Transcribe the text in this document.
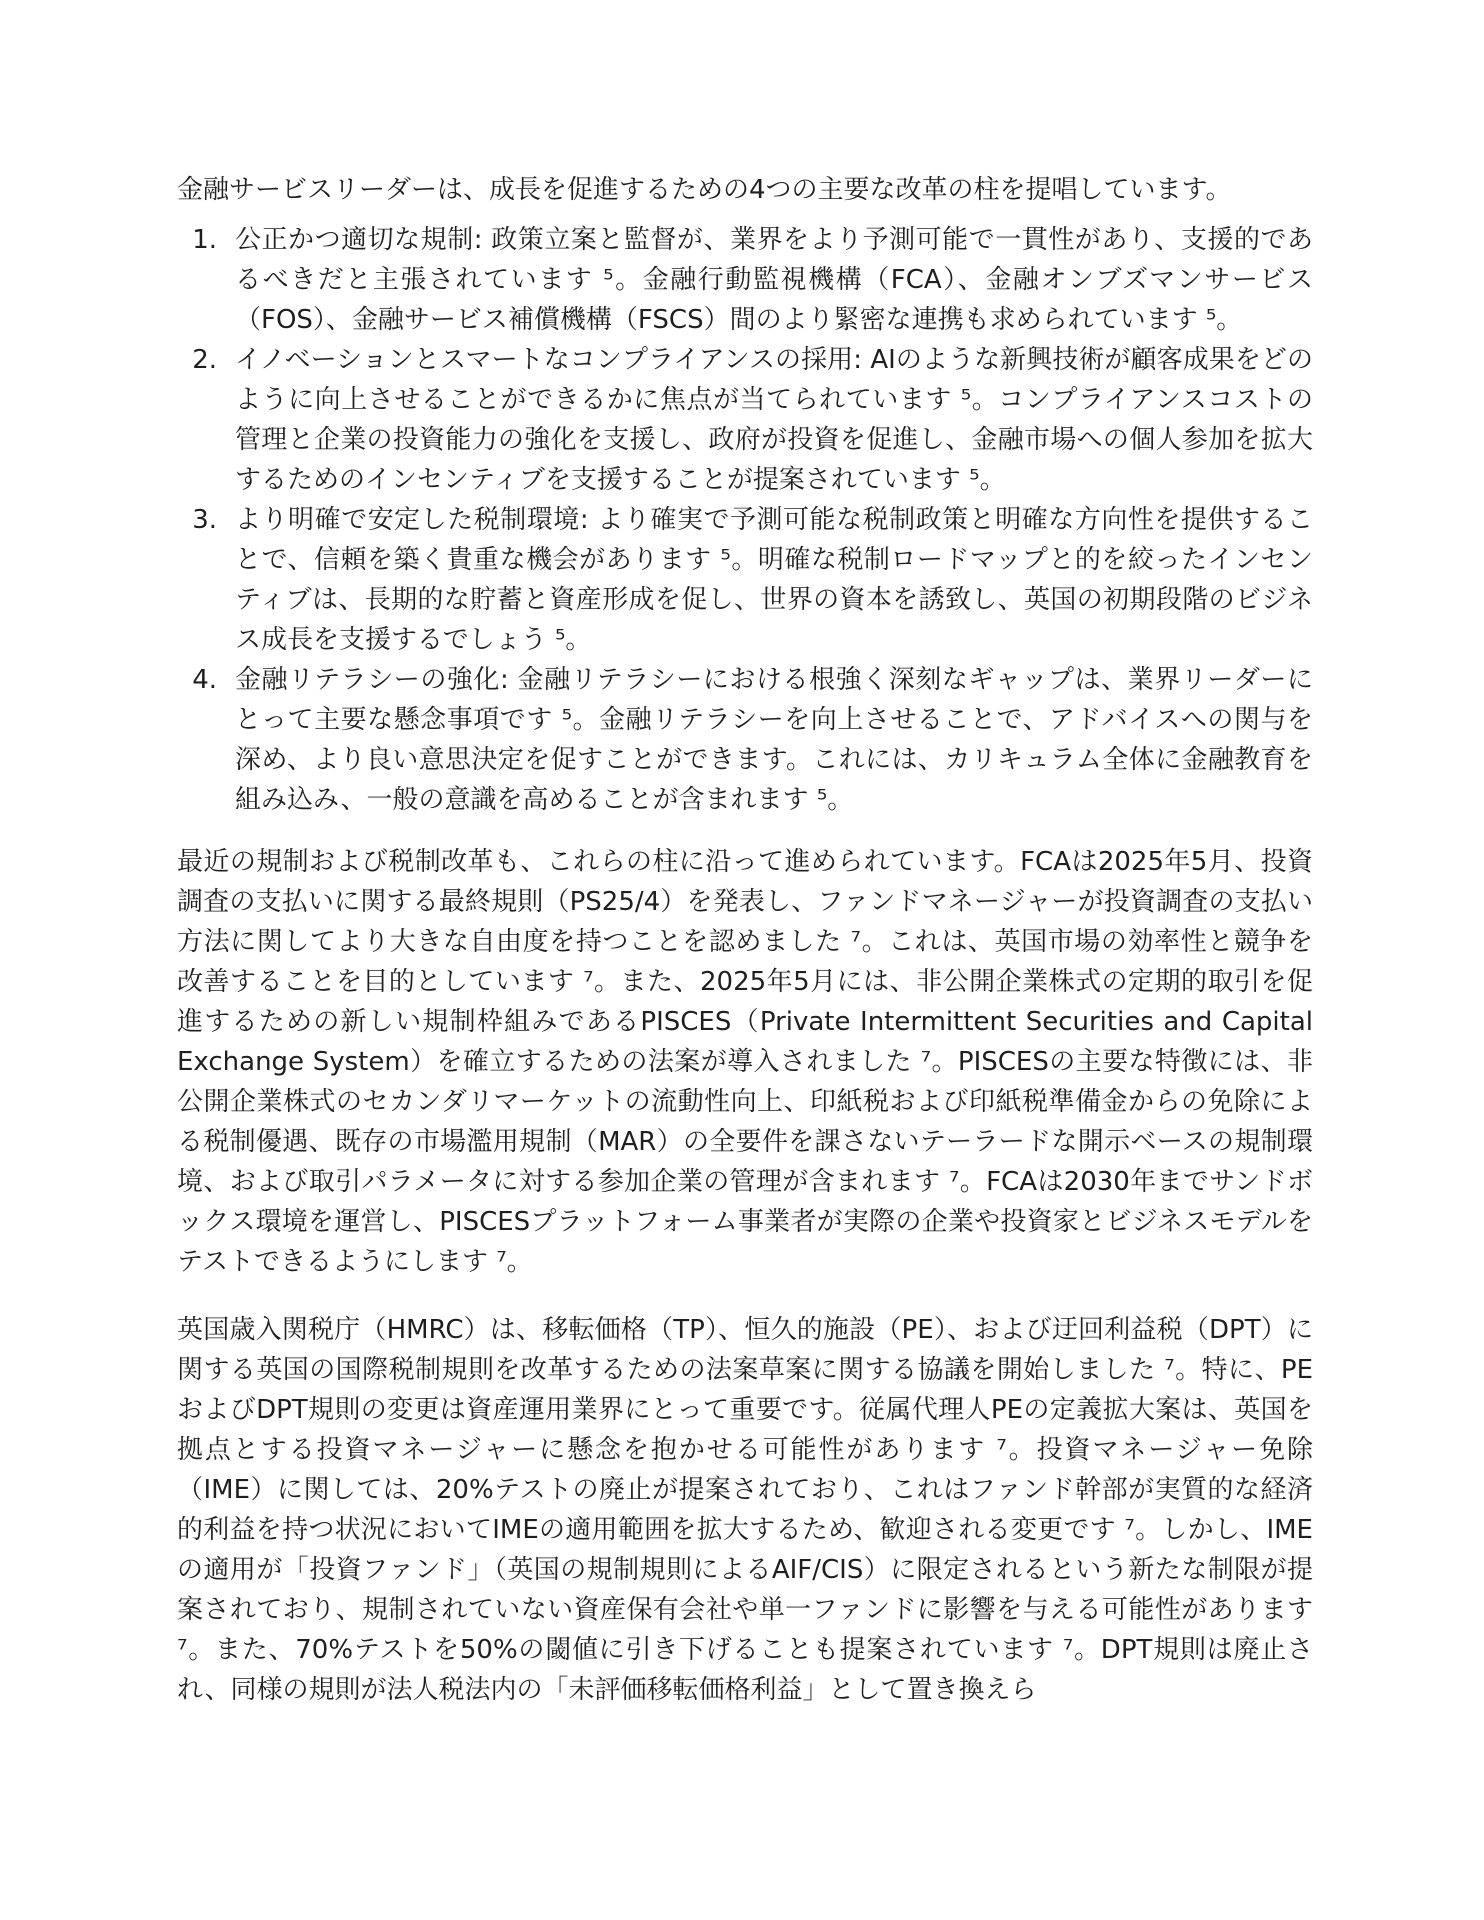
金融サービスリーダーは、成長を促進するための4つの主要な改革の柱を提唱しています。

1. 公正かつ適切な規制: 政策立案と監督が、業界をより予測可能で一貫性があり、支援的であるべきだと主張されています ⁵。金融行動監視機構（FCA）、金融オンブズマンサービス（FOS）、金融サービス補償機構（FSCS）間のより緊密な連携も求められています ⁵。
2. イノベーションとスマートなコンプライアンスの採用: AIのような新興技術が顧客成果をどのように向上させることができるかに焦点が当てられています ⁵。コンプライアンスコストの管理と企業の投資能力の強化を支援し、政府が投資を促進し、金融市場への個人参加を拡大するためのインセンティブを支援することが提案されています ⁵。
3. より明確で安定した税制環境: より確実で予測可能な税制政策と明確な方向性を提供することで、信頼を築く貴重な機会があります ⁵。明確な税制ロードマップと的を絞ったインセンティブは、長期的な貯蓄と資産形成を促し、世界の資本を誘致し、英国の初期段階のビジネス成長を支援するでしょう ⁵。
4. 金融リテラシーの強化: 金融リテラシーにおける根強く深刻なギャップは、業界リーダーにとって主要な懸念事項です ⁵。金融リテラシーを向上させることで、アドバイスへの関与を深め、より良い意思決定を促すことができます。これには、カリキュラム全体に金融教育を組み込み、一般の意識を高めることが含まれます ⁵。

最近の規制および税制改革も、これらの柱に沿って進められています。FCAは2025年5月、投資調査の支払いに関する最終規則（PS25/4）を発表し、ファンドマネージャーが投資調査の支払い方法に関してより大きな自由度を持つことを認めました ⁷。これは、英国市場の効率性と競争を改善することを目的としています ⁷。また、2025年5月には、非公開企業株式の定期的取引を促進するための新しい規制枠組みであるPISCES（Private Intermittent Securities and Capital Exchange System）を確立するための法案が導入されました ⁷。PISCESの主要な特徴には、非公開企業株式のセカンダリマーケットの流動性向上、印紙税および印紙税準備金からの免除による税制優遇、既存の市場濫用規制（MAR）の全要件を課さないテーラードな開示ベースの規制環境、および取引パラメータに対する参加企業の管理が含まれます ⁷。FCAは2030年までサンドボックス環境を運営し、PISCESプラットフォーム事業者が実際の企業や投資家とビジネスモデルをテストできるようにします ⁷。

英国歳入関税庁（HMRC）は、移転価格（TP）、恒久的施設（PE）、および迂回利益税（DPT）に関する英国の国際税制規則を改革するための法案草案に関する協議を開始しました ⁷。特に、PEおよびDPT規則の変更は資産運用業界にとって重要です。従属代理人PEの定義拡大案は、英国を拠点とする投資マネージャーに懸念を抱かせる可能性があります ⁷。投資マネージャー免除（IME）に関しては、20%テストの廃止が提案されており、これはファンド幹部が実質的な経済的利益を持つ状況においてIMEの適用範囲を拡大するため、歓迎される変更です ⁷。しかし、IMEの適用が「投資ファンド」（英国の規制規則によるAIF/CIS）に限定されるという新たな制限が提案されており、規制されていない資産保有会社や単一ファンドに影響を与える可能性があります ⁷。また、70%テストを50%の閾値に引き下げることも提案されています ⁷。DPT規則は廃止され、同様の規則が法人税法内の「未評価移転価格利益」として置き換えら
